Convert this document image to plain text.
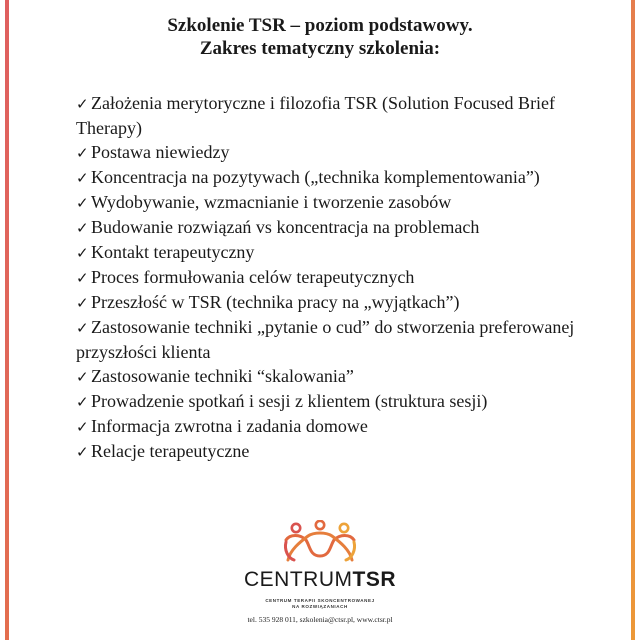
Szkolenie TSR – poziom podstawowy.
Zakres tematyczny szkolenia:
✓ Założenia merytoryczne i filozofia TSR (Solution Focused Brief Therapy)
✓ Postawa niewiedzy
✓ Koncentracja na pozytywach („technika komplementowania”)
✓ Wydobywanie, wzmacnianie i tworzenie zasobów
✓ Budowanie rozwiązań vs koncentracja na problemach
✓ Kontakt terapeutyczny
✓ Proces formułowania celów terapeutycznych
✓ Przeszłość w TSR (technika pracy na „wyjątkach”)
✓ Zastosowanie techniki „pytanie o cud” do stworzenia preferowanej przyszłości klienta
✓ Zastosowanie techniki “skalowania”
✓ Prowadzenie spotkań i sesji z klientem (struktura sesji)
✓ Informacja zwrotna i zadania domowe
✓ Relacje terapeutyczne
CENTRUMTSR
CENTRUM TERAPII SKONCENTROWANEJ
NA ROZWIĄZANIACH
tel. 535 928 011, szkolenia@ctsr.pl, www.ctsr.pl
